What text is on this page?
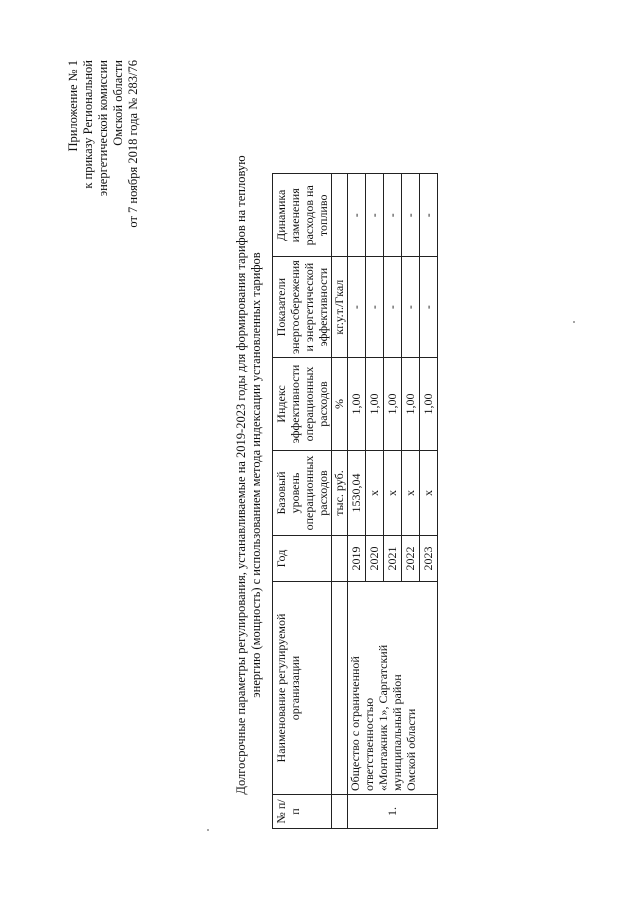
Приложение № 1 к приказу Региональной энергетической комиссии Омской области от 7 ноября 2018 года № 283/76
Долгосрочные параметры регулирования, устанавливаемые на 2019-2023 годы для формирования тарифов на тепловую энергию (мощность) с использованием метода индексации установленных тарифов
№ п/п	Наименование регулируемой организации	Год	Базовый уровень операционных расходов	Индекс эффективности операционных расходов	Показатели энергосбережения и энергетической эффективности	Динамика изменения расходов на топливо
			тыс. руб.	%	кг.у.т./Гкал	
1.	Общество с ограниченной ответственностью «Монтажник 1», Саргатский муниципальный район Омской области	2019	1530,04	1,00	-	-
		2020	x	1,00	-	-
		2021	x	1,00	-	-
		2022	x	1,00	-	-
		2023	x	1,00	-	-
